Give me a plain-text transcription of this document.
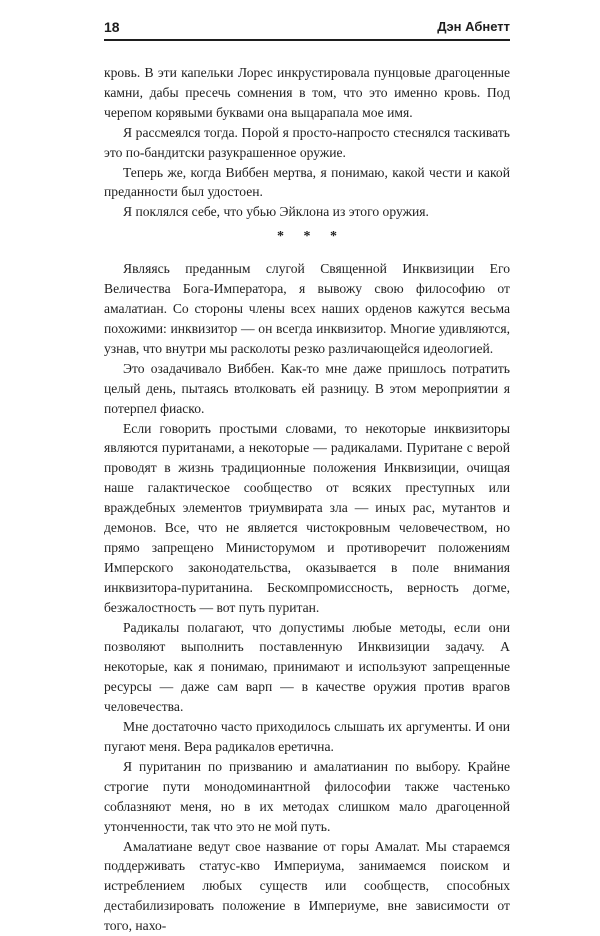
18	Дэн Абнетт

кровь. В эти капельки Лорес инкрустировала пунцовые драгоценные камни, дабы пресечь сомнения в том, что это именно кровь. Под черепом корявыми буквами она выцарапала мое имя.

Я рассмеялся тогда. Порой я просто-напросто стеснялся таскивать это по-бандитски разукрашенное оружие.

Теперь же, когда Виббен мертва, я понимаю, какой чести и какой преданности был удостоен.

Я поклялся себе, что убью Эйклона из этого оружия.

* * *

Являясь преданным слугой Священной Инквизиции Его Величества Бога-Императора, я вывожу свою философию от амалатиан. Со стороны члены всех наших орденов кажутся весьма похожими: инквизитор — он всегда инквизитор. Многие удивляются, узнав, что внутри мы расколоты резко различающейся идеологией.

Это озадачивало Виббен. Как-то мне даже пришлось потратить целый день, пытаясь втолковать ей разницу. В этом мероприятии я потерпел фиаско.

Если говорить простыми словами, то некоторые инквизиторы являются пуританами, а некоторые — радикалами. Пуритане с верой проводят в жизнь традиционные положения Инквизиции, очищая наше галактическое сообщество от всяких преступных или враждебных элементов триумвирата зла — иных рас, мутантов и демонов. Все, что не является чистокровным человечеством, но прямо запрещено Министорумом и противоречит положениям Имперского законодательства, оказывается в поле внимания инквизитора-пуританина. Бескомпромиссность, верность догме, безжалостность — вот путь пуритан.

Радикалы полагают, что допустимы любые методы, если они позволяют выполнить поставленную Инквизиции задачу. А некоторые, как я понимаю, принимают и используют запрещенные ресурсы — даже сам варп — в качестве оружия против врагов человечества.

Мне достаточно часто приходилось слышать их аргументы. И они пугают меня. Вера радикалов еретична.

Я пуританин по призванию и амалатианин по выбору. Крайне строгие пути монодоминантной философии также частенько соблазняют меня, но в их методах слишком мало драгоценной утонченности, так что это не мой путь.

Амалатиане ведут свое название от горы Амалат. Мы стараемся поддерживать статус-кво Империума, занимаемся поиском и истреблением любых существ или сообществ, способных дестабилизировать положение в Империуме, вне зависимости от того, нахо-
